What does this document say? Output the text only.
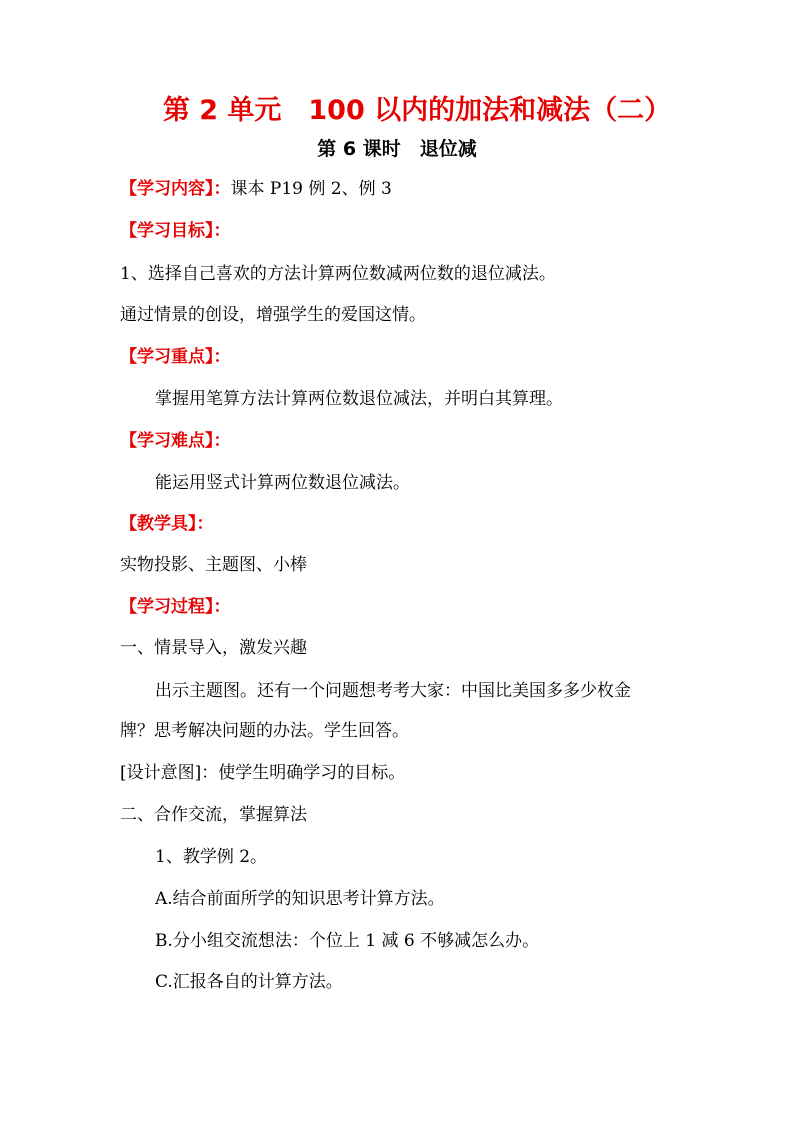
第 2 单元　100 以内的加法和减法（二）
第 6 课时　退位减
【学习内容】：课本 P19 例 2、例 3
【学习目标】：
1、选择自己喜欢的方法计算两位数减两位数的退位减法。
通过情景的创设，增强学生的爱国这情。
【学习重点】：
掌握用笔算方法计算两位数退位减法，并明白其算理。
【学习难点】：
能运用竖式计算两位数退位减法。
【教学具】：
实物投影、主题图、小棒
【学习过程】：
一、情景导入，激发兴趣
出示主题图。还有一个问题想考考大家：中国比美国多多少枚金
牌？思考解决问题的办法。学生回答。
[设计意图]：使学生明确学习的目标。
二、合作交流，掌握算法
1、教学例 2。
A.结合前面所学的知识思考计算方法。
B.分小组交流想法：个位上 1 减 6 不够减怎么办。
C.汇报各自的计算方法。
